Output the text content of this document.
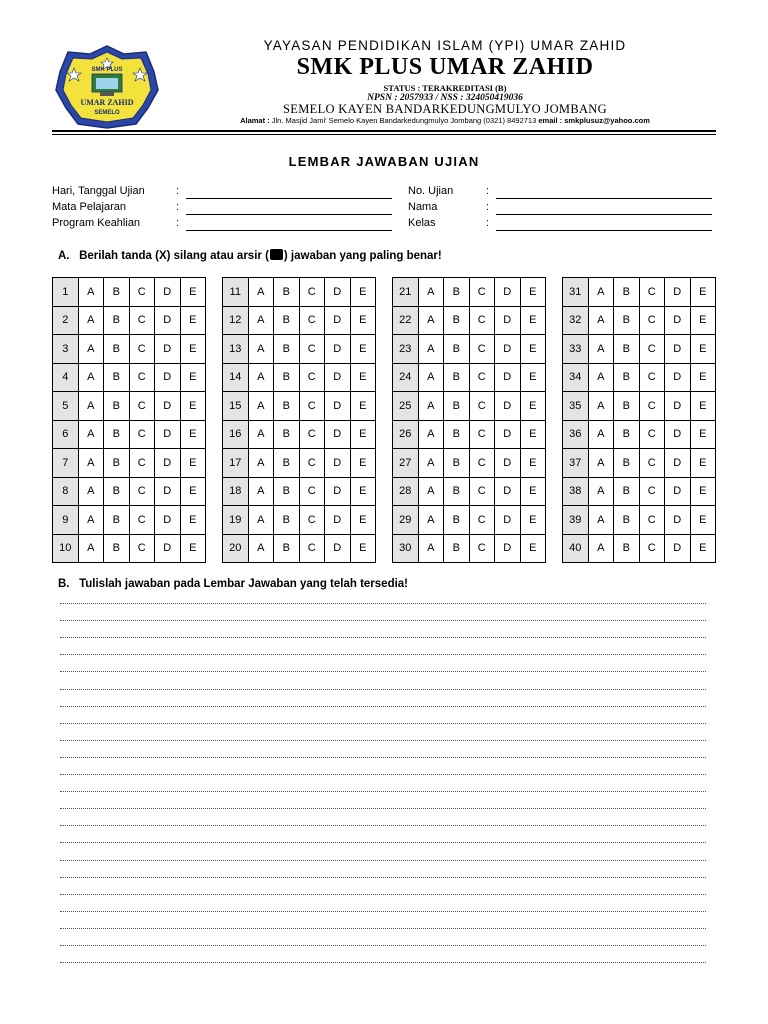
SMK PLUS
UMAR ZAHID
SEMELO
YAYASAN PENDIDIKAN ISLAM (YPI) UMAR ZAHID
SMK PLUS UMAR ZAHID
STATUS : TERAKREDITASI (B)
NPSN : 2057933 / NSS : 324050419036
SEMELO KAYEN BANDARKEDUNGMULYO JOMBANG
Alamat : Jln. Masjid Jami' Semelo Kayen Bandarkedungmulyo Jombang (0321) 8492713 email : smkplusuz@yahoo.com
LEMBAR JAWABAN UJIAN
Hari, Tanggal Ujian	:
Mata Pelajaran	:
Program Keahlian	:
No. Ujian	:
Nama	:
Kelas	:
A. Berilah tanda (X) silang atau arsir ( ) jawaban yang paling benar!
1	A	B	C	D	E
2	A	B	C	D	E
3	A	B	C	D	E
4	A	B	C	D	E
5	A	B	C	D	E
6	A	B	C	D	E
7	A	B	C	D	E
8	A	B	C	D	E
9	A	B	C	D	E
10	A	B	C	D	E
11	A	B	C	D	E
12	A	B	C	D	E
13	A	B	C	D	E
14	A	B	C	D	E
15	A	B	C	D	E
16	A	B	C	D	E
17	A	B	C	D	E
18	A	B	C	D	E
19	A	B	C	D	E
20	A	B	C	D	E
21	A	B	C	D	E
22	A	B	C	D	E
23	A	B	C	D	E
24	A	B	C	D	E
25	A	B	C	D	E
26	A	B	C	D	E
27	A	B	C	D	E
28	A	B	C	D	E
29	A	B	C	D	E
30	A	B	C	D	E
31	A	B	C	D	E
32	A	B	C	D	E
33	A	B	C	D	E
34	A	B	C	D	E
35	A	B	C	D	E
36	A	B	C	D	E
37	A	B	C	D	E
38	A	B	C	D	E
39	A	B	C	D	E
40	A	B	C	D	E
B. Tulislah jawaban pada Lembar Jawaban yang telah tersedia!
